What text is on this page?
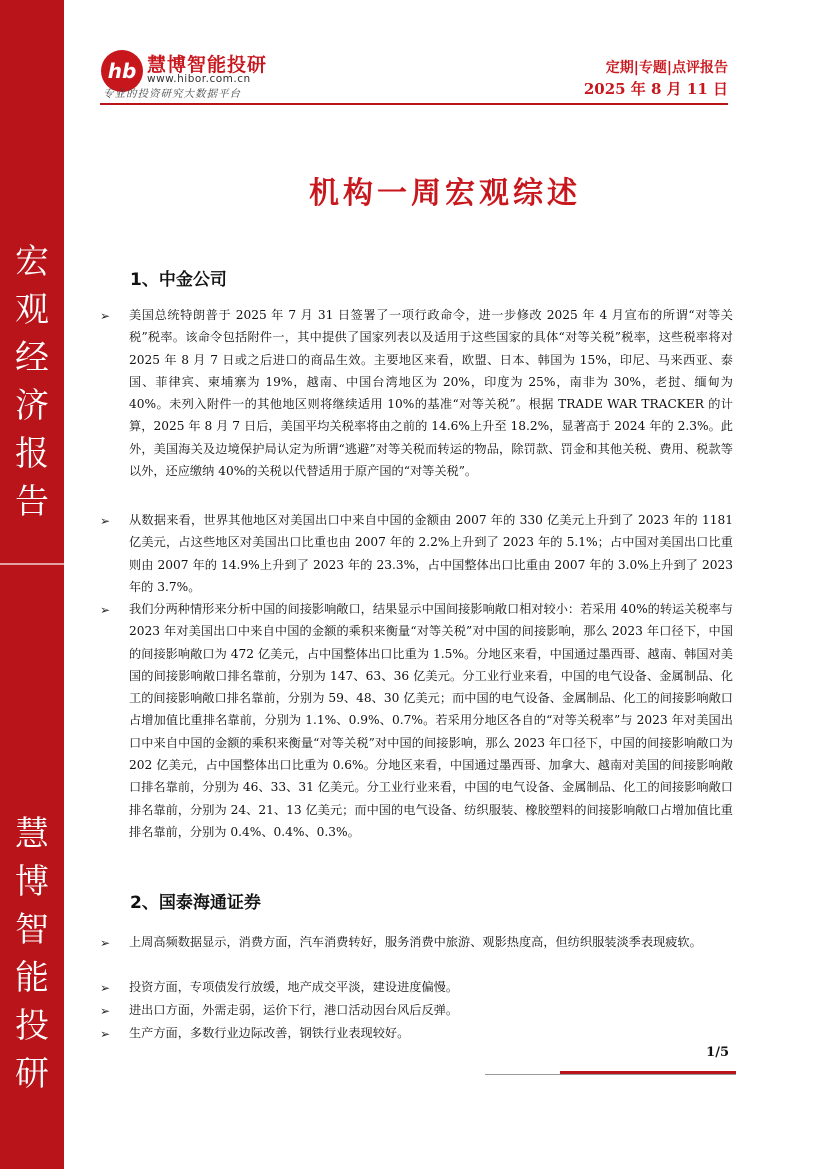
宏观经济报告
慧博智能投研
hb 慧博智能投研
www.hibor.com.cn
专业的投资研究大数据平台
定期|专题|点评报告
2025 年 8 月 11 日
机构一周宏观综述
1、中金公司
➢ 美国总统特朗普于 2025 年 7 月 31 日签署了一项行政命令，进一步修改 2025 年 4 月宣布的所谓“对等关税”税率。该命令包括附件一，其中提供了国家列表以及适用于这些国家的具体“对等关税”税率，这些税率将对 2025 年 8 月 7 日或之后进口的商品生效。主要地区来看，欧盟、日本、韩国为 15%，印尼、马来西亚、泰国、菲律宾、柬埔寨为 19%，越南、中国台湾地区为 20%，印度为 25%，南非为 30%，老挝、缅甸为 40%。未列入附件一的其他地区则将继续适用 10%的基准“对等关税”。根据 TRADE WAR TRACKER 的计算，2025 年 8 月 7 日后，美国平均关税率将由之前的 14.6%上升至 18.2%，显著高于 2024 年的 2.3%。此外，美国海关及边境保护局认定为所谓“逃避”对等关税而转运的物品，除罚款、罚金和其他关税、费用、税款等以外，还应缴纳 40%的关税以代替适用于原产国的“对等关税”。
➢ 从数据来看，世界其他地区对美国出口中来自中国的金额由 2007 年的 330 亿美元上升到了 2023 年的 1181 亿美元，占这些地区对美国出口比重也由 2007 年的 2.2%上升到了 2023 年的 5.1%；占中国对美国出口比重则由 2007 年的 14.9%上升到了 2023 年的 23.3%，占中国整体出口比重由 2007 年的 3.0%上升到了 2023 年的 3.7%。
➢ 我们分两种情形来分析中国的间接影响敞口，结果显示中国间接影响敞口相对较小：若采用 40%的转运关税率与 2023 年对美国出口中来自中国的金额的乘积来衡量“对等关税”对中国的间接影响，那么 2023 年口径下，中国的间接影响敞口为 472 亿美元，占中国整体出口比重为 1.5%。分地区来看，中国通过墨西哥、越南、韩国对美国的间接影响敞口排名靠前，分别为 147、63、36 亿美元。分工业行业来看，中国的电气设备、金属制品、化工的间接影响敞口排名靠前，分别为 59、48、30 亿美元；而中国的电气设备、金属制品、化工的间接影响敞口占增加值比重排名靠前，分别为 1.1%、0.9%、0.7%。若采用分地区各自的“对等关税率”与 2023 年对美国出口中来自中国的金额的乘积来衡量“对等关税”对中国的间接影响，那么 2023 年口径下，中国的间接影响敞口为 202 亿美元，占中国整体出口比重为 0.6%。分地区来看，中国通过墨西哥、加拿大、越南对美国的间接影响敞口排名靠前，分别为 46、33、31 亿美元。分工业行业来看，中国的电气设备、金属制品、化工的间接影响敞口排名靠前，分别为 24、21、13 亿美元；而中国的电气设备、纺织服装、橡胶塑料的间接影响敞口占增加值比重排名靠前，分别为 0.4%、0.4%、0.3%。
2、国泰海通证券
➢ 上周高频数据显示，消费方面，汽车消费转好，服务消费中旅游、观影热度高，但纺织服装淡季表现疲软。
➢ 投资方面，专项债发行放缓，地产成交平淡，建设进度偏慢。
➢ 进出口方面，外需走弱，运价下行，港口活动因台风后反弹。
➢ 生产方面，多数行业边际改善，钢铁行业表现较好。
1/5
